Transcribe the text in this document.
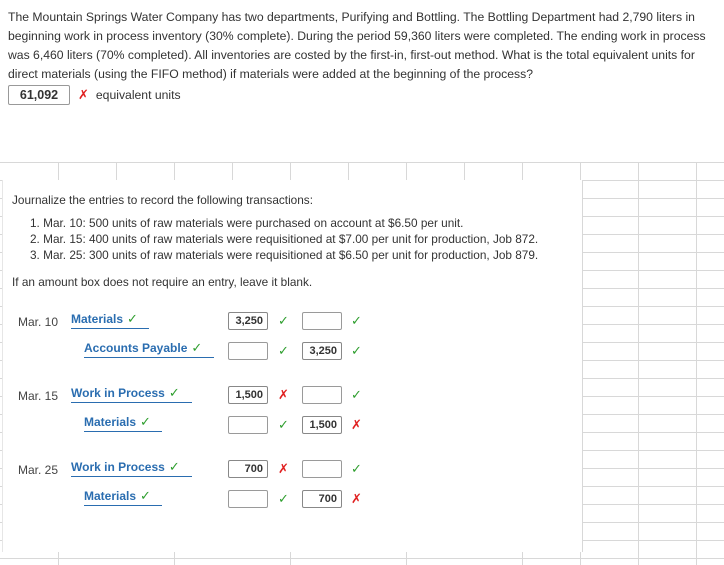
The Mountain Springs Water Company has two departments, Purifying and Bottling. The Bottling Department had 2,790 liters in beginning work in process inventory (30% complete). During the period 59,360 liters were completed. The ending work in process was 6,460 liters (70% completed). All inventories are costed by the first-in, first-out method. What is the total equivalent units for direct materials (using the FIFO method) if materials were added at the beginning of the process?
61,092	✗ equivalent units
Journalize the entries to record the following transactions:
1. Mar. 10: 500 units of raw materials were purchased on account at $6.50 per unit.
2. Mar. 15: 400 units of raw materials were requisitioned at $7.00 per unit for production, Job 872.
3. Mar. 25: 300 units of raw materials were requisitioned at $6.50 per unit for production, Job 879.
If an amount box does not require an entry, leave it blank.
Mar. 10 Materials ✓	3,250	✓	✓
Accounts Payable ✓	✓	3,250	✓
Mar. 15 Work in Process ✓	1,500	✗	✓
Materials ✓	✓	1,500	✗
Mar. 25 Work in Process ✓	700	✗	✓
Materials ✓	✓	700	✗
